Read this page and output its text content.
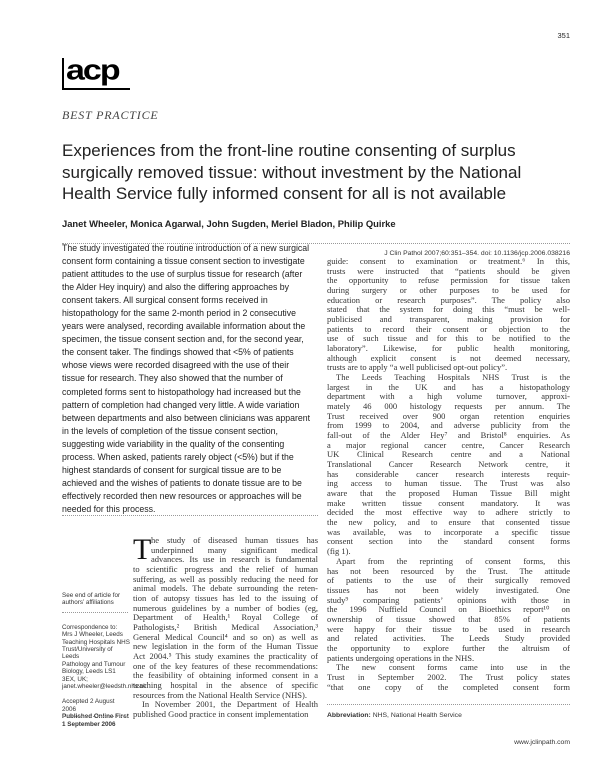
351
acp
BEST PRACTICE
Experiences from the front-line routine consenting of surplus
surgically removed tissue: without investment by the National
Health Service fully informed consent for all is not available
Janet Wheeler, Monica Agarwal, John Sugden, Meriel Bladon, Philip Quirke
J Clin Pathol 2007;60:351–354. doi: 10.1136/jcp.2006.038216
The study investigated the routine introduction of a new surgical
consent form containing a tissue consent section to investigate
patient attitudes to the use of surplus tissue for research (after
the Alder Hey inquiry) and also the differing approaches by
consent takers. All surgical consent forms received in
histopathology for the same 2-month period in 2 consecutive
years were analysed, recording available information about the
specimen, the tissue consent section and, for the second year,
the consent taker. The findings showed that <5% of patients
whose views were recorded disagreed with the use of their
tissue for research. They also showed that the number of
completed forms sent to histopathology had increased but the
pattern of completion had changed very little. A wide variation
between departments and also between clinicians was apparent
in the levels of completion of the tissue consent section,
suggesting wide variability in the quality of the consenting
process. When asked, patients rarely object (<5%) but if the
highest standards of consent for surgical tissue are to be
achieved and the wishes of patients to donate tissue are to be
effectively recorded then new resources or approaches will be
needed for this process.
T he study of diseased human tissues has
underpinned many significant medical
advances. Its use in research is fundamental
to scientific progress and the relief of human
suffering, as well as possibly reducing the need for
animal models. The debate surrounding the reten-
tion of autopsy tissues has led to the issuing of
numerous guidelines by a number of bodies (eg,
Department of Health,¹ Royal College of
Pathologists,² British Medical Association,³
General Medical Council⁴ and so on) as well as
new legislation in the form of the Human Tissue
Act 2004.⁵ This study examines the practicality of
one of the key features of these recommendations:
the feasibility of obtaining informed consent in a
teaching hospital in the absence of specific
resources from the National Health Service (NHS).
In November 2001, the Department of Health
published Good practice in consent implementation
guide: consent to examination or treatment.⁶ In this,
trusts were instructed that “patients should be given
the opportunity to refuse permission for tissue taken
during surgery or other purposes to be used for
education or research purposes”. The policy also
stated that the system for doing this “must be well-
publicised and transparent, making provision for
patients to record their consent or objection to the
use of such tissue and for this to be notified to the
laboratory”. Likewise, for public health monitoring,
although explicit consent is not deemed necessary,
trusts are to apply “a well publicised opt-out policy”.
The Leeds Teaching Hospitals NHS Trust is the
largest in the UK and has a histopathology
department with a high volume turnover, approxi-
mately 46 000 histology requests per annum. The
Trust received over 900 organ retention enquiries
from 1999 to 2004, and adverse publicity from the
fall-out of the Alder Hey⁷ and Bristol⁸ enquiries. As
a major regional cancer centre, Cancer Research
UK Clinical Research centre and a National
Translational Cancer Research Network centre, it
has considerable cancer research interests requir-
ing access to human tissue. The Trust was also
aware that the proposed Human Tissue Bill might
make written tissue consent mandatory. It was
decided the most effective way to adhere strictly to
the new policy, and to ensure that consented tissue
was available, was to incorporate a specific tissue
consent section into the standard consent forms
(fig 1).
Apart from the reprinting of consent forms, this
has not been resourced by the Trust. The attitude
of patients to the use of their surgically removed
tissues has not been widely investigated. One
study⁹ comparing patients’ opinions with those in
the 1996 Nuffield Council on Bioethics report¹⁰ on
ownership of tissue showed that 85% of patients
were happy for their tissue to be used in research
and related activities. The Leeds Study provided
the opportunity to explore further the altruism of
patients undergoing operations in the NHS.
The new consent forms came into use in the
Trust in September 2002. The Trust policy states
“that one copy of the completed consent form
See end of article for
authors’ affiliations
Correspondence to:
Mrs J Wheeler, Leeds
Teaching Hospitals NHS
Trust/University of Leeds
Pathology and Tumour
Biology, Leeds LS1 3EX, UK;
janet.wheeler@leedsth.nhs.uk
Accepted 2 August 2006
Published Online First
1 September 2006
Abbreviation: NHS, National Health Service
www.jclinpath.com
